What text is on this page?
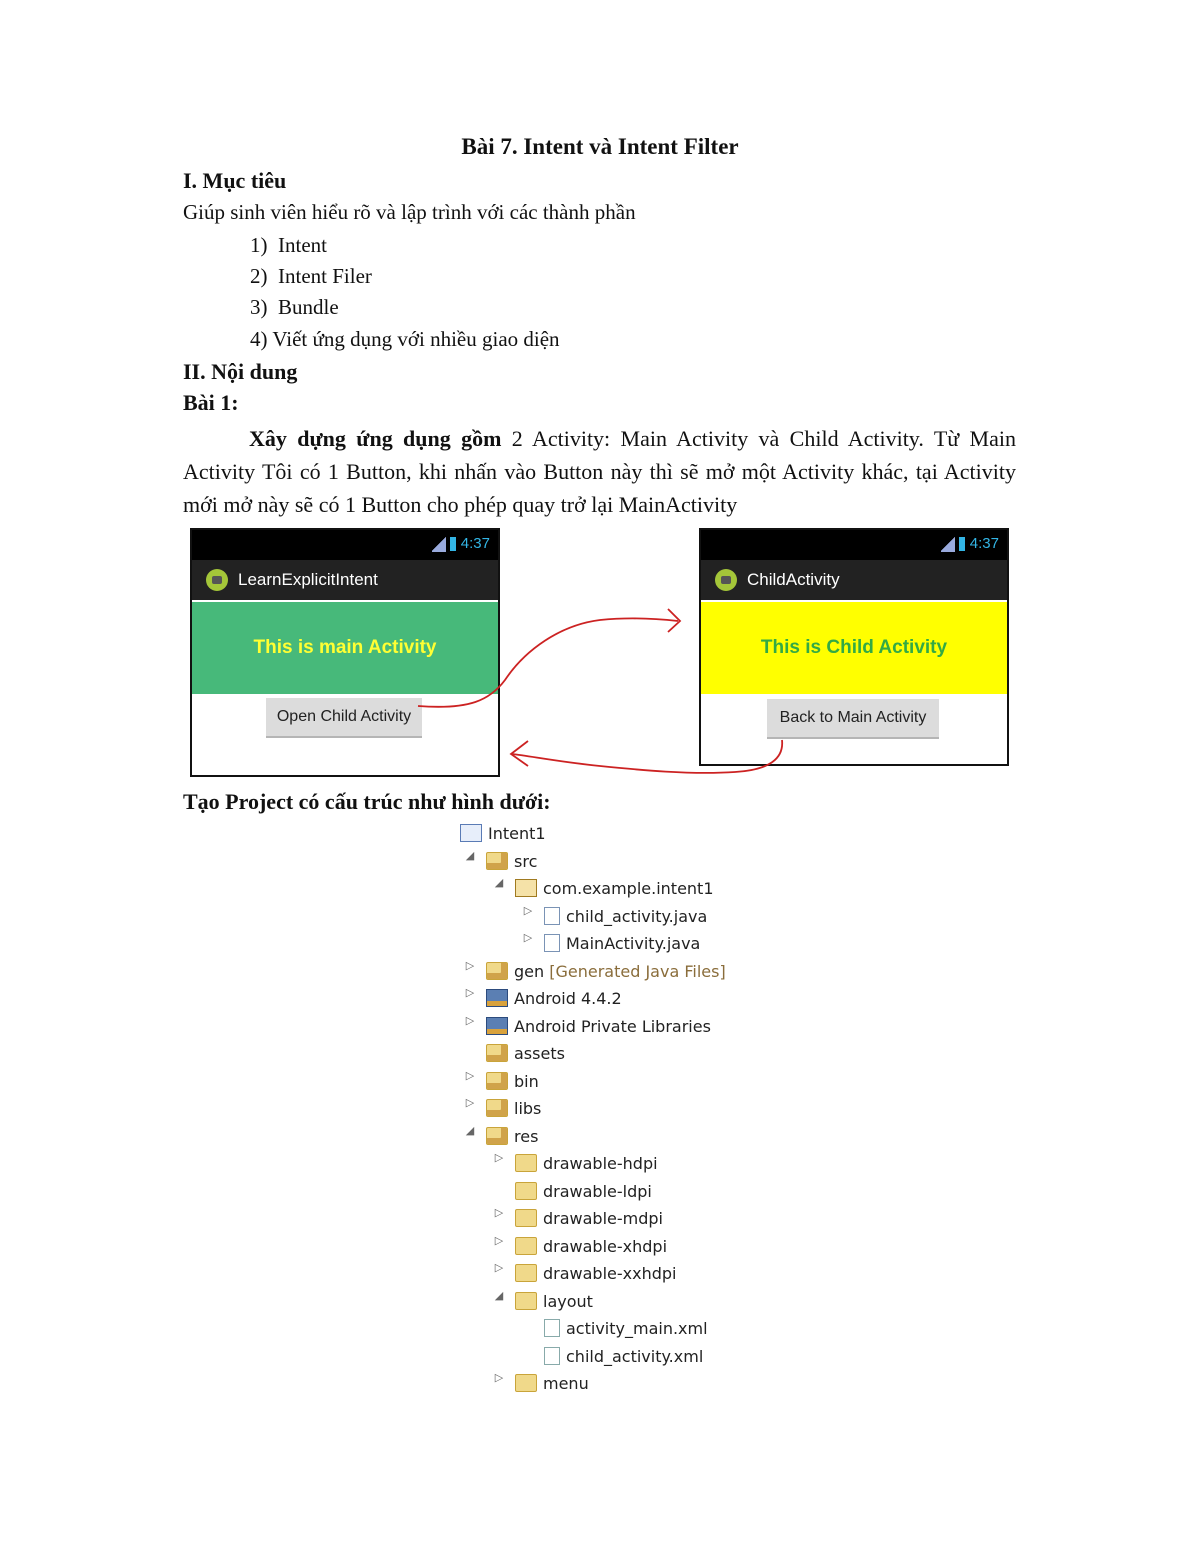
Bài 7. Intent và Intent Filter
I. Mục tiêu
Giúp sinh viên hiểu rõ và lập trình với các thành phần
1) Intent
2) Intent Filer
3) Bundle
4) Viết ứng dụng với nhiều giao diện
II. Nội dung
Bài 1:
Xây dựng ứng dụng gồm 2 Activity: Main Activity và Child Activity. Từ Main Activity Tôi có 1 Button, khi nhấn vào Button này thì sẽ mở một Activity khác, tại Activity mới mở này sẽ có 1 Button cho phép quay trở lại MainActivity
4:37
LearnExplicitIntent
This is main Activity
Open Child Activity
4:37
ChildActivity
This is Child Activity
Back to Main Activity
Tạo Project có cấu trúc như hình dưới:
Intent1
◢	src
◢	com.example.intent1
▷	child_activity.java
▷	MainActivity.java
▷	gen [Generated Java Files]
▷	Android 4.4.2
▷	Android Private Libraries
assets
▷	bin
▷	libs
◢	res
▷	drawable-hdpi
drawable-ldpi
▷	drawable-mdpi
▷	drawable-xhdpi
▷	drawable-xxhdpi
◢	layout
activity_main.xml
child_activity.xml
▷	menu
